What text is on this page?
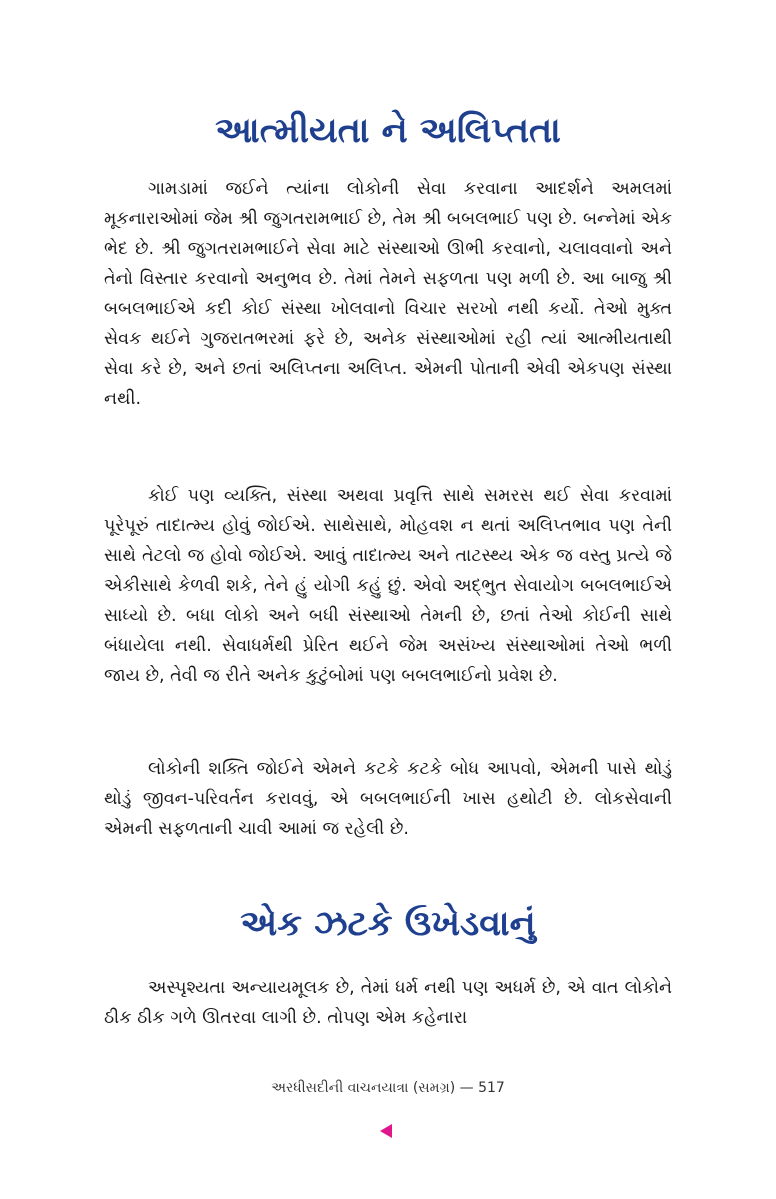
આત્મીયતા ને અલિપ્તતા

ગામડામાં જઈને ત્યાંના લોકોની સેવા કરવાના આદર્શને અમલમાં મૂકનારાઓમાં જેમ શ્રી જુગતરામભાઈ છે, તેમ શ્રી બબલભાઈ પણ છે. બન્નેમાં એક ભેદ છે. શ્રી જુગતરામભાઈને સેવા માટે સંસ્થાઓ ઊભી કરવાનો, ચલાવવાનો અને તેનો વિસ્તાર કરવાનો અનુભવ છે. તેમાં તેમને સફળતા પણ મળી છે. આ બાજુ શ્રી બબલભાઈએ કદી કોઈ સંસ્થા ખોલવાનો વિચાર સરખો નથી કર્યો. તેઓ મુક્ત સેવક થઈને ગુજરાતભરમાં ફરે છે, અનેક સંસ્થાઓમાં રહી ત્યાં આત્મીયતાથી સેવા કરે છે, અને છતાં અલિપ્તના અલિપ્ત. એમની પોતાની એવી એકપણ સંસ્થા નથી.

કોઈ પણ વ્યક્તિ, સંસ્થા અથવા પ્રવૃત્તિ સાથે સમરસ થઈ સેવા કરવામાં પૂરેપૂરું તાદાત્મ્ય હોવું જોઈએ. સાથેસાથે, મોહવશ ન થતાં અલિપ્તભાવ પણ તેની સાથે તેટલો જ હોવો જોઈએ. આવું તાદાત્મ્ય અને તાટસ્થ્ય એક જ વસ્તુ પ્રત્યે જે એકીસાથે કેળવી શકે, તેને હું યોગી કહું છું. એવો અદ્ભુત સેવાયોગ બબલભાઈએ સાધ્યો છે. બધા લોકો અને બધી સંસ્થાઓ તેમની છે, છતાં તેઓ કોઈની સાથે બંધાયેલા નથી. સેવાધર્મથી પ્રેરિત થઈને જેમ અસંખ્ય સંસ્થાઓમાં તેઓ ભળી જાય છે, તેવી જ રીતે અનેક કુટુંબોમાં પણ બબલભાઈનો પ્રવેશ છે.

લોકોની શક્તિ જોઈને એમને કટકે કટકે બોધ આપવો, એમની પાસે થોડું થોડું જીવન-પરિવર્તન કરાવવું, એ બબલભાઈની ખાસ હથોટી છે. લોકસેવાની એમની સફળતાની ચાવી આમાં જ રહેલી છે.

એક ઝટકે ઉખેડવાનું

અસ્પૃશ્યતા અન્યાયમૂલક છે, તેમાં ધર્મ નથી પણ અધર્મ છે, એ વાત લોકોને ઠીક ઠીક ગળે ઊતરવા લાગી છે. તોપણ એમ કહેનારા

અરધીસદીની વાચનયાત્રા (સમગ્ર) — 517
